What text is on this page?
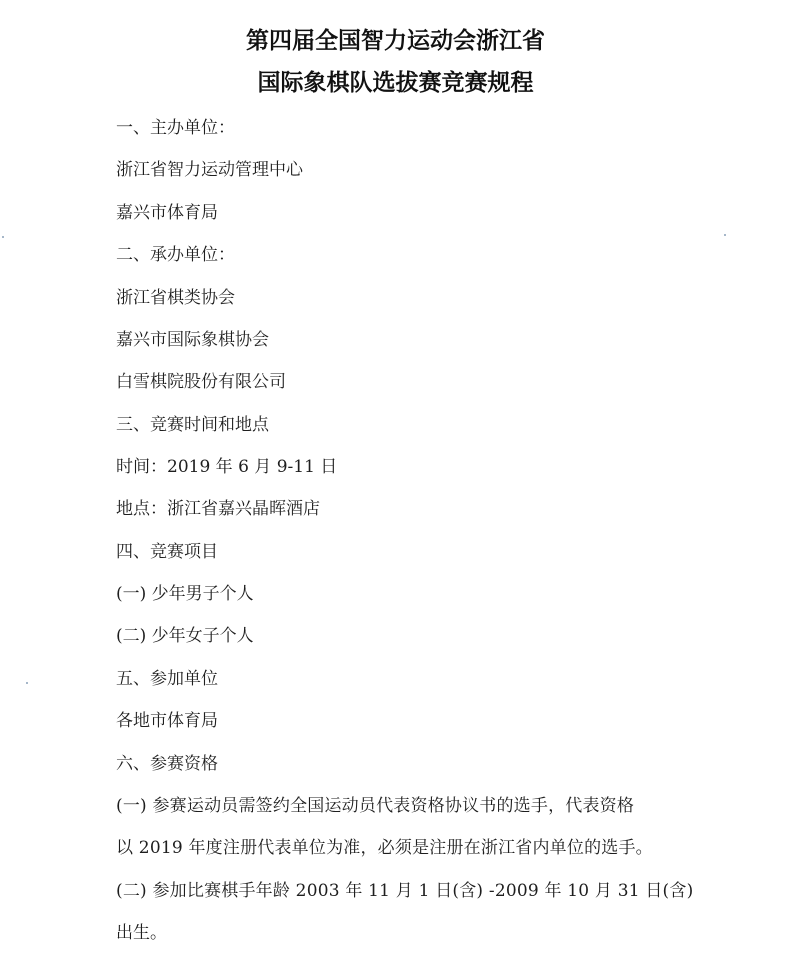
第四届全国智力运动会浙江省
国际象棋队选拔赛竞赛规程
一、主办单位：
浙江省智力运动管理中心
嘉兴市体育局
二、承办单位：
浙江省棋类协会
嘉兴市国际象棋协会
白雪棋院股份有限公司
三、竞赛时间和地点
时间：2019 年 6 月 9-11 日
地点：浙江省嘉兴晶晖酒店
四、竞赛项目
(一) 少年男子个人
(二) 少年女子个人
五、参加单位
各地市体育局
六、参赛资格
(一) 参赛运动员需签约全国运动员代表资格协议书的选手，代表资格
以 2019 年度注册代表单位为准，必须是注册在浙江省内单位的选手。
(二) 参加比赛棋手年龄 2003 年 11 月 1 日(含) -2009 年 10 月 31 日(含)
出生。
